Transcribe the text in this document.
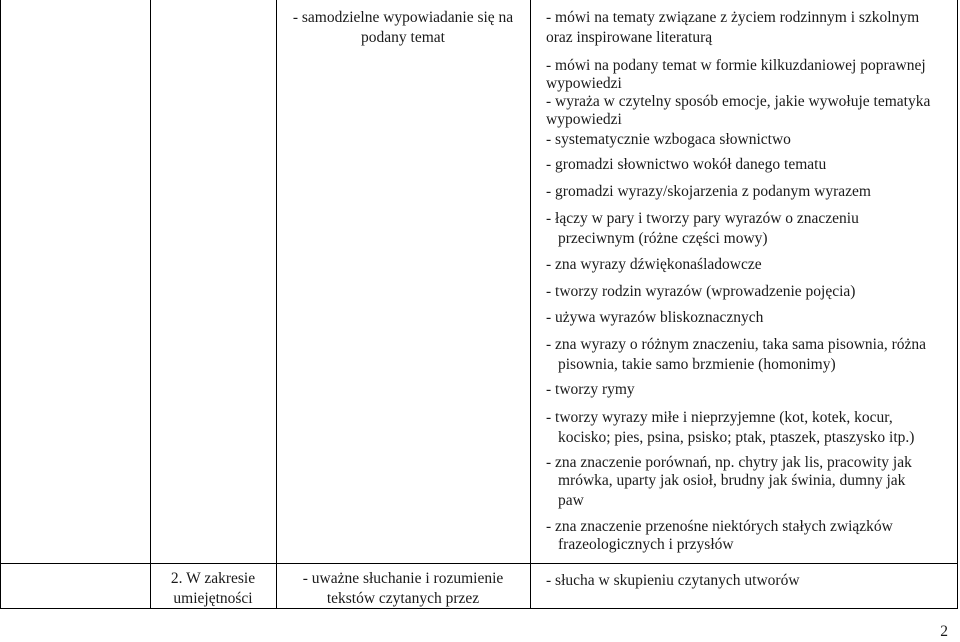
2. W zakresie umiejętności
- samodzielne wypowiadanie się na podany temat
- uważne słuchanie i rozumienie tekstów czytanych przez
- mówi na tematy związane z życiem rodzinnym i szkolnym
oraz inspirowane literaturą
- mówi na podany temat w formie kilkuzdaniowej poprawnej
wypowiedzi
- wyraża w czytelny sposób emocje, jakie wywołuje tematyka
wypowiedzi
- systematycznie wzbogaca słownictwo
- gromadzi słownictwo wokół danego tematu
- gromadzi wyrazy/skojarzenia z podanym wyrazem
- łączy w pary i tworzy pary wyrazów o znaczeniu
przeciwnym (różne części mowy)
- zna wyrazy dźwiękonaśladowcze
- tworzy rodzin wyrazów (wprowadzenie pojęcia)
- używa wyrazów bliskoznacznych
- zna wyrazy o różnym znaczeniu, taka sama pisownia, różna
pisownia, takie samo brzmienie (homonimy)
- tworzy rymy
- tworzy wyrazy miłe i nieprzyjemne (kot, kotek, kocur,
kocisko; pies, psina, psisko; ptak, ptaszek, ptaszysko itp.)
- zna znaczenie porównań, np. chytry jak lis, pracowity jak
mrówka, uparty jak osioł, brudny jak świnia, dumny jak
paw
- zna znaczenie przenośne niektórych stałych związków
frazeologicznych i przysłów
- słucha w skupieniu czytanych utworów
2
